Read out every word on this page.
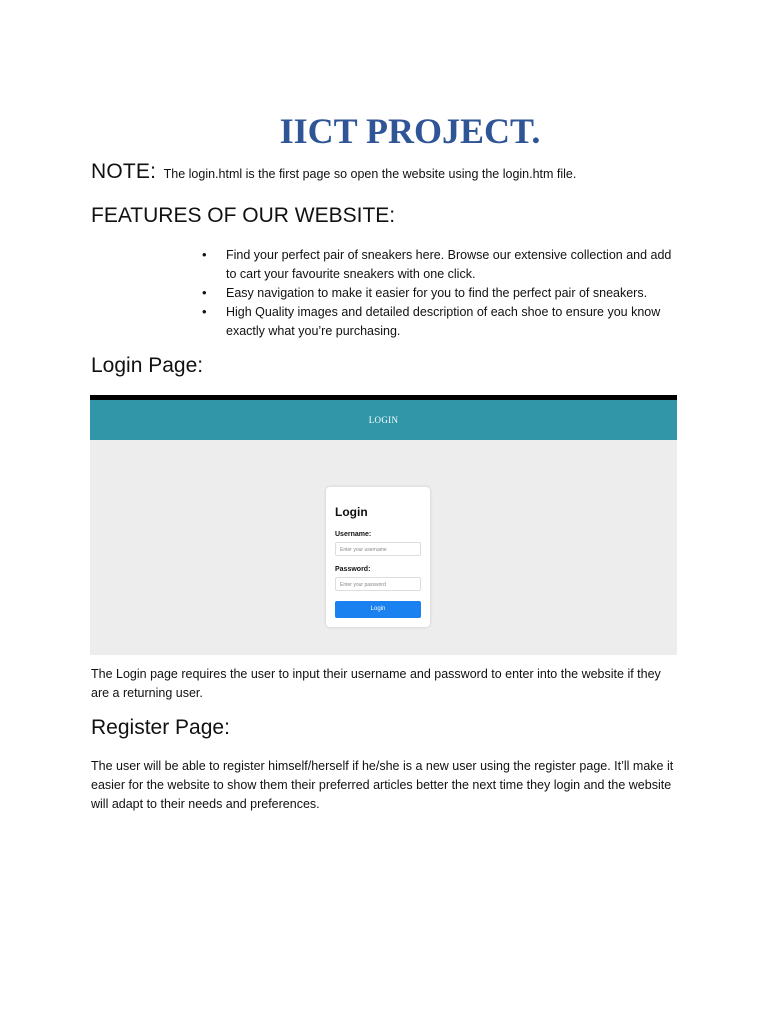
IICT PROJECT.
NOTE: The login.html is the first page so open the website using the login.htm file.
FEATURES OF OUR WEBSITE:
• Find your perfect pair of sneakers here. Browse our extensive collection and add to cart your favourite sneakers with one click.
• Easy navigation to make it easier for you to find the perfect pair of sneakers.
• High Quality images and detailed description of each shoe to ensure you know exactly what you’re purchasing.
Login Page:
LOGIN
Login
Username:
Enter your username
Password:
Enter your password
Login

The Login page requires the user to input their username and password to enter into the website if they are a returning user.

Register Page:

The user will be able to register himself/herself if he/she is a new user using the register page. It’ll make it easier for the website to show them their preferred articles better the next time they login and the website will adapt to their needs and preferences.
